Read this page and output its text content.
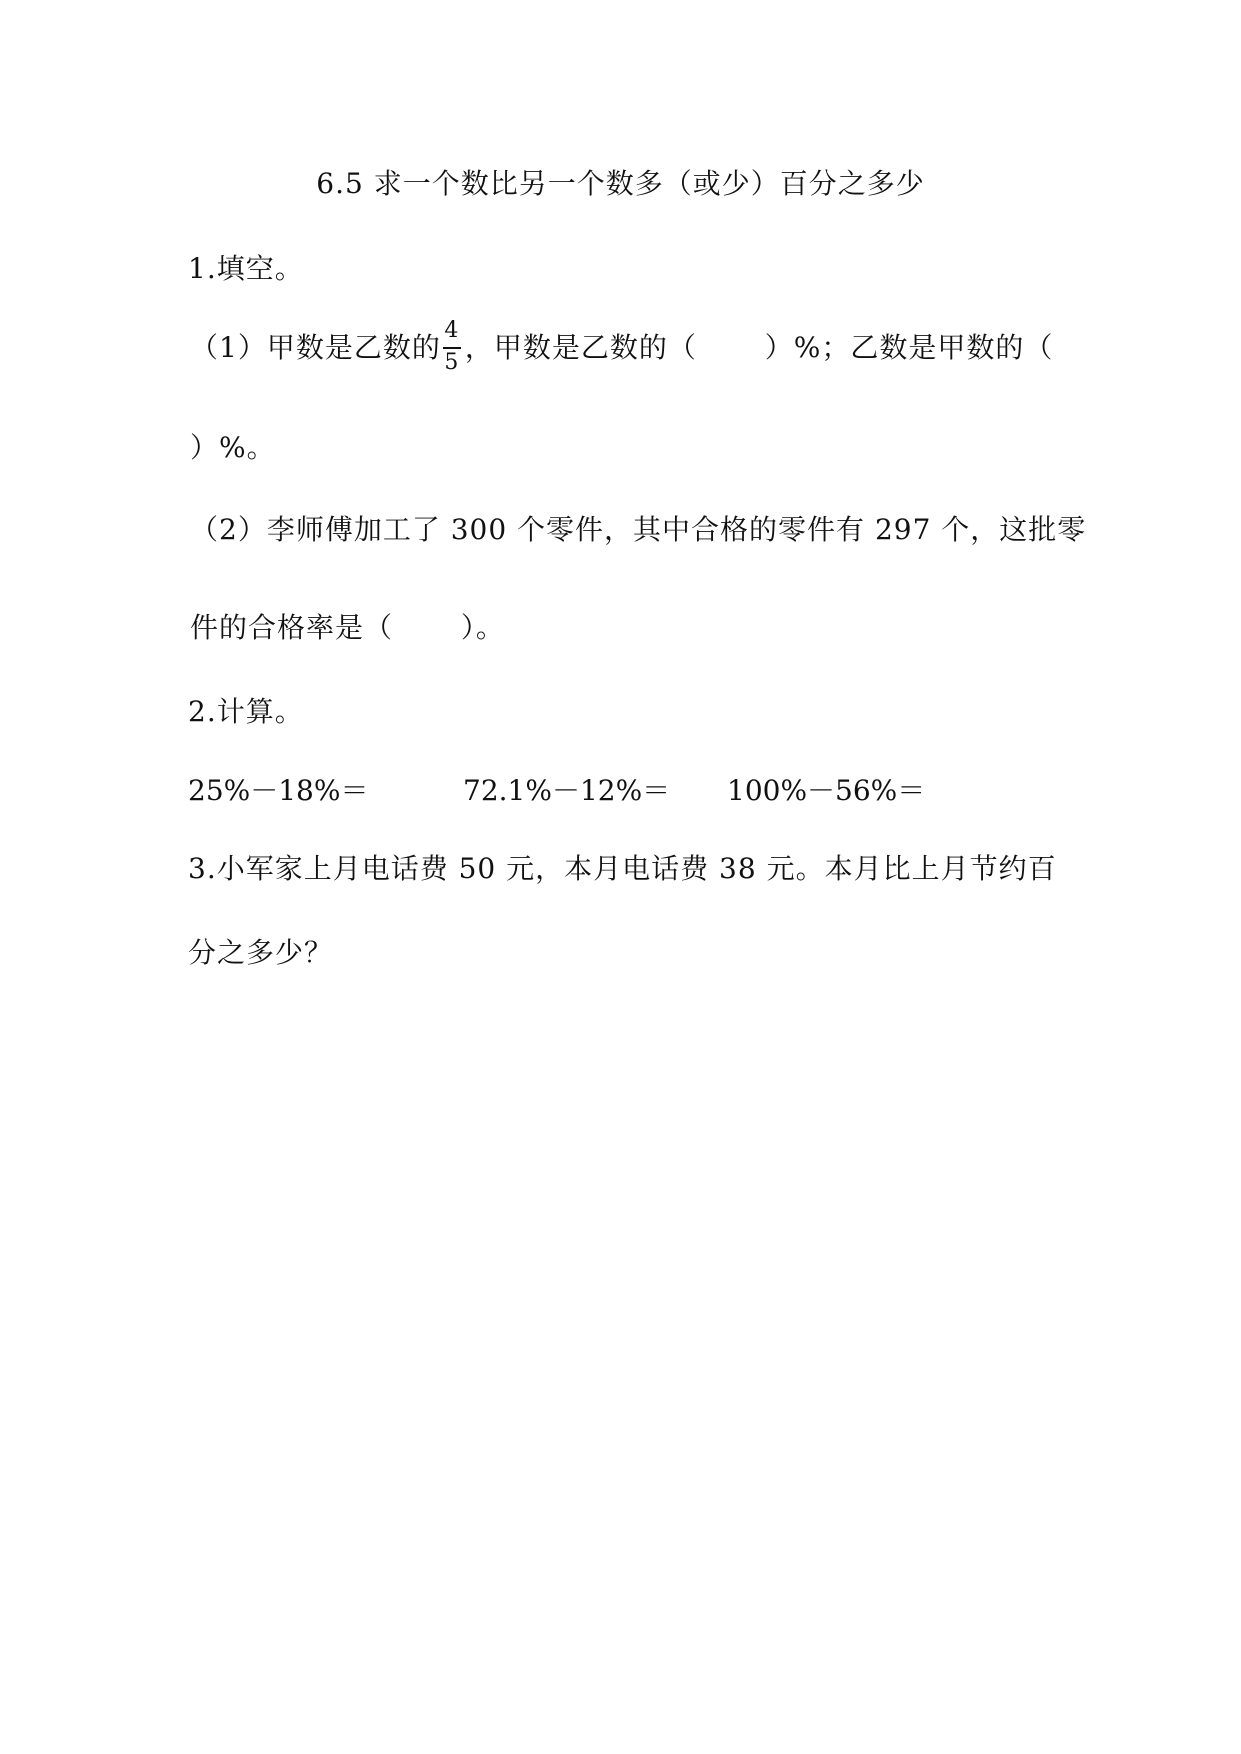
6.5 求一个数比另一个数多（或少）百分之多少
1.填空。
（1）甲数是乙数的 $\frac{4}{5}$ ，甲数是乙数的（　　 ）%；乙数是甲数的（
）%。
（2）李师傅加工了 300 个零件，其中合格的零件有 297 个，这批零
件的合格率是（　　 ）。
2.计算。
25%－18%＝	72.1%－12%＝ 100%－56%＝
3.小军家上月电话费 50 元，本月电话费 38 元。本月比上月节约百
分之多少？
